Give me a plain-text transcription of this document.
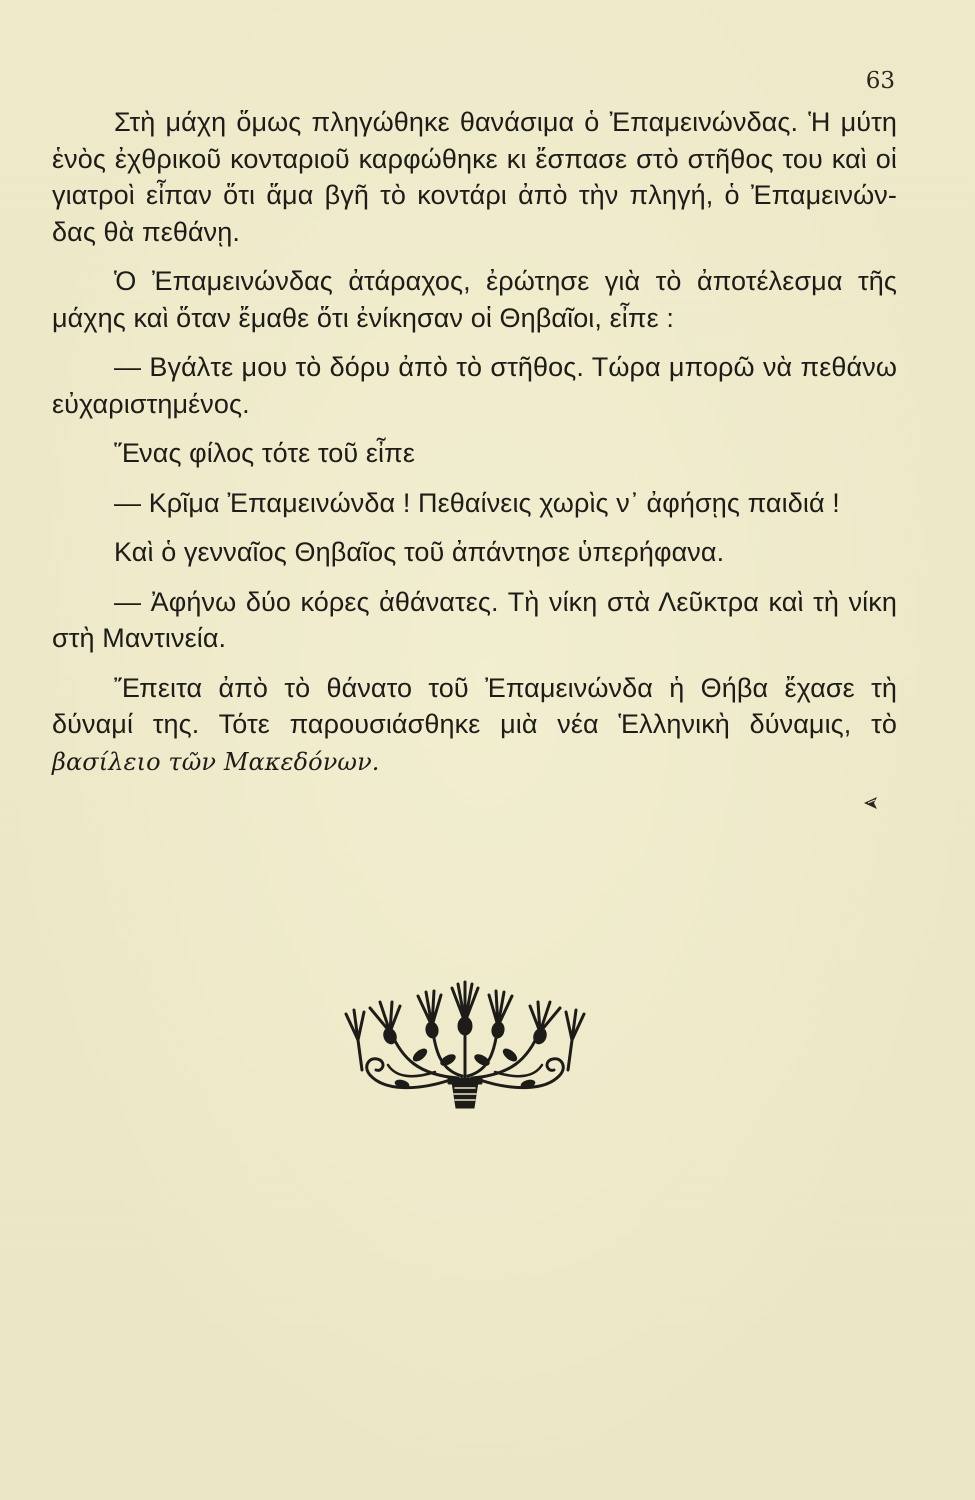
63

Στὴ μάχη ὅμως πληγώθηκε θανάσιμα ὁ Ἐπαμεινώνδας. Ἡ μύτη ἑνὸς ἐχθρικοῦ κονταριοῦ καρφώθηκε κι ἔσπασε στὸ στῆθος του καὶ οἱ γιατροὶ εἶπαν ὅτι ἅμα βγῆ τὸ κοντάρι ἀπὸ τὴν πληγή, ὁ Ἐπαμεινών-δας θὰ πεθάνῃ.

Ὁ Ἐπαμεινώνδας ἀτάραχος, ἐρώτησε γιὰ τὸ ἀποτέλεσμα τῆς μάχης καὶ ὅταν ἔμαθε ὅτι ἐνίκησαν οἱ Θηβαῖοι, εἶπε :

— Βγάλτε μου τὸ δόρυ ἀπὸ τὸ στῆθος. Τώρα μπορῶ νὰ πεθάνω εὐχαριστημένος.

Ἕνας φίλος τότε τοῦ εἶπε

— Κρῖμα Ἐπαμεινώνδα ! Πεθαίνεις χωρὶς ν᾿ ἀφήσῃς παιδιά !

Καὶ ὁ γενναῖος Θηβαῖος τοῦ ἀπάντησε ὑπερήφανα.

— Ἀφήνω δύο κόρες ἀθάνατες. Τὴ νίκη στὰ Λεῦκτρα καὶ τὴ νίκη στὴ Μαντινεία.

Ἔπειτα ἀπὸ τὸ θάνατο τοῦ Ἐπαμεινώνδα ἡ Θήβα ἔχασε τὴ δύναμί της. Τότε παρουσιάσθηκε μιὰ νέα Ἑλληνικὴ δύναμις, τὸ βασίλειο τῶν Μακεδόνων.
